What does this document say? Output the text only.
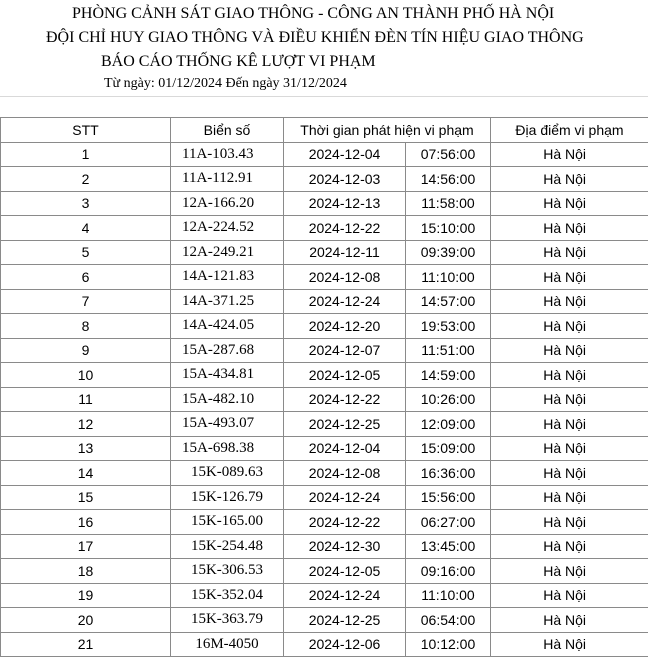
PHÒNG CẢNH SÁT GIAO THÔNG - CÔNG AN THÀNH PHỐ HÀ NỘI
ĐỘI CHỈ HUY GIAO THÔNG VÀ ĐIỀU KHIỂN ĐÈN TÍN HIỆU GIAO THÔNG
BÁO CÁO THỐNG KÊ LƯỢT VI PHẠM
Từ ngày: 01/12/2024 Đến ngày 31/12/2024
STT	Biển số	Thời gian phát hiện vi phạm		Địa điểm vi phạm
1	11A-103.43	2024-12-04	07:56:00	Hà Nội
2	11A-112.91	2024-12-03	14:56:00	Hà Nội
3	12A-166.20	2024-12-13	11:58:00	Hà Nội
4	12A-224.52	2024-12-22	15:10:00	Hà Nội
5	12A-249.21	2024-12-11	09:39:00	Hà Nội
6	14A-121.83	2024-12-08	11:10:00	Hà Nội
7	14A-371.25	2024-12-24	14:57:00	Hà Nội
8	14A-424.05	2024-12-20	19:53:00	Hà Nội
9	15A-287.68	2024-12-07	11:51:00	Hà Nội
10	15A-434.81	2024-12-05	14:59:00	Hà Nội
11	15A-482.10	2024-12-22	10:26:00	Hà Nội
12	15A-493.07	2024-12-25	12:09:00	Hà Nội
13	15A-698.38	2024-12-04	15:09:00	Hà Nội
14	15K-089.63	2024-12-08	16:36:00	Hà Nội
15	15K-126.79	2024-12-24	15:56:00	Hà Nội
16	15K-165.00	2024-12-22	06:27:00	Hà Nội
17	15K-254.48	2024-12-30	13:45:00	Hà Nội
18	15K-306.53	2024-12-05	09:16:00	Hà Nội
19	15K-352.04	2024-12-24	11:10:00	Hà Nội
20	15K-363.79	2024-12-25	06:54:00	Hà Nội
21	16M-4050	2024-12-06	10:12:00	Hà Nội
